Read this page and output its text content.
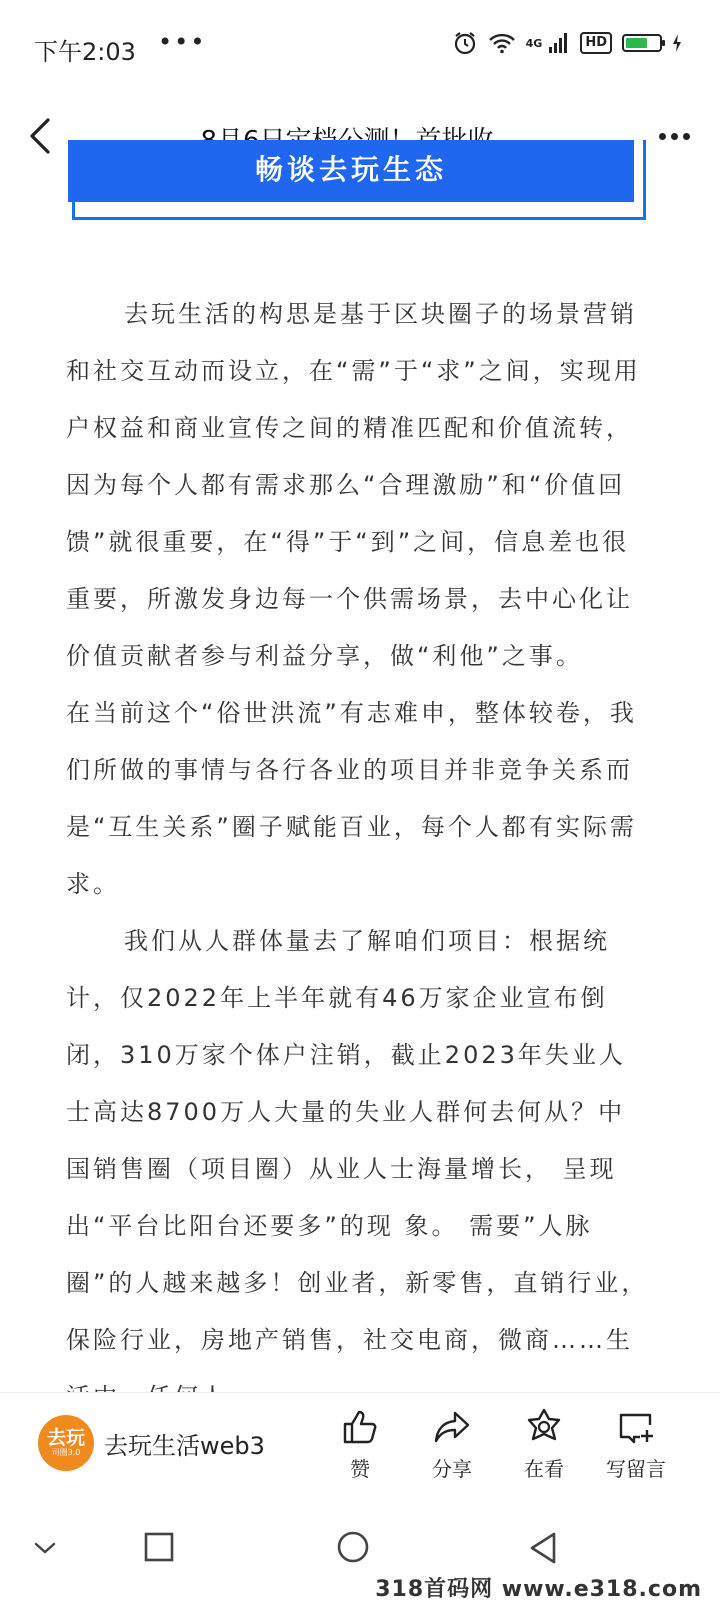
下午2:03 •••	4G	HD
畅谈去玩生态

去玩生活的构思是基于区块圈子的场景营销和社交互动而设立，在“需”于“求”之间，实现用户权益和商业宣传之间的精准匹配和价值流转，因为每个人都有需求那么“合理激励”和“价值回馈”就很重要，在“得”于“到”之间，信息差也很重要，所激发身边每一个供需场景，去中心化让价值贡献者参与利益分享，做“利他”之事。

在当前这个“俗世洪流”有志难申，整体较卷，我们所做的事情与各行各业的项目并非竞争关系而是“互生关系”圈子赋能百业，每个人都有实际需求。

我们从人群体量去了解咱们项目：根据统计，仅2022年上半年就有46万家企业宣布倒闭，310万家个体户注销，截止2023年失业人士高达8700万人大量的失业人群何去何从？中国销售圈（项目圈）从业人士海量增长， 呈现出“平台比阳台还要多”的现 象。 需要”人脉圈”的人越来越多！创业者，新零售，直销行业，保险行业，房地产销售，社交电商，微商……生

去玩
司圈3.0 去玩生活web3
赞	分享	在看 写留言
318首码网 www.e318.com
